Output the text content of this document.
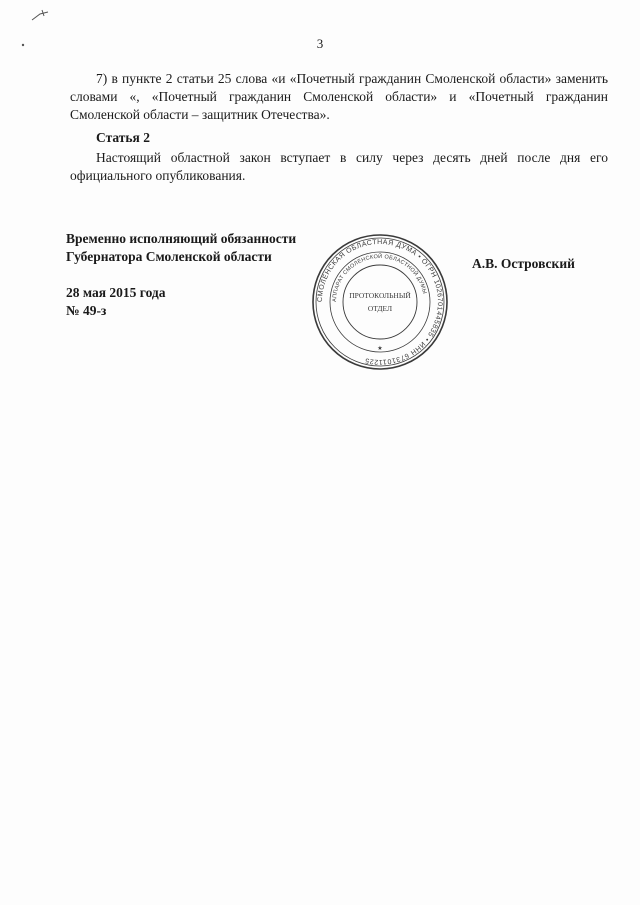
3
7) в пункте 2 статьи 25 слова «и «Почетный гражданин Смоленской области» заменить словами «, «Почетный гражданин Смоленской области» и «Почетный гражданин Смоленской области – защитник Отечества».
Статья 2
Настоящий областной закон вступает в силу через десять дней после дня его официального опубликования.
Временно исполняющий обязанности
Губернатора Смоленской области	А.В. Островский
28 мая 2015 года
№ 49-з
СМОЛЕНСКАЯ ОБЛАСТНАЯ ДУМА • ОГРН 1026701445835 • ИНН 6731011225
АППАРАТ СМОЛЕНСКОЙ ОБЛАСТНОЙ ДУМЫ
ПРОТОКОЛЬНЫЙ
ОТДЕЛ
★
